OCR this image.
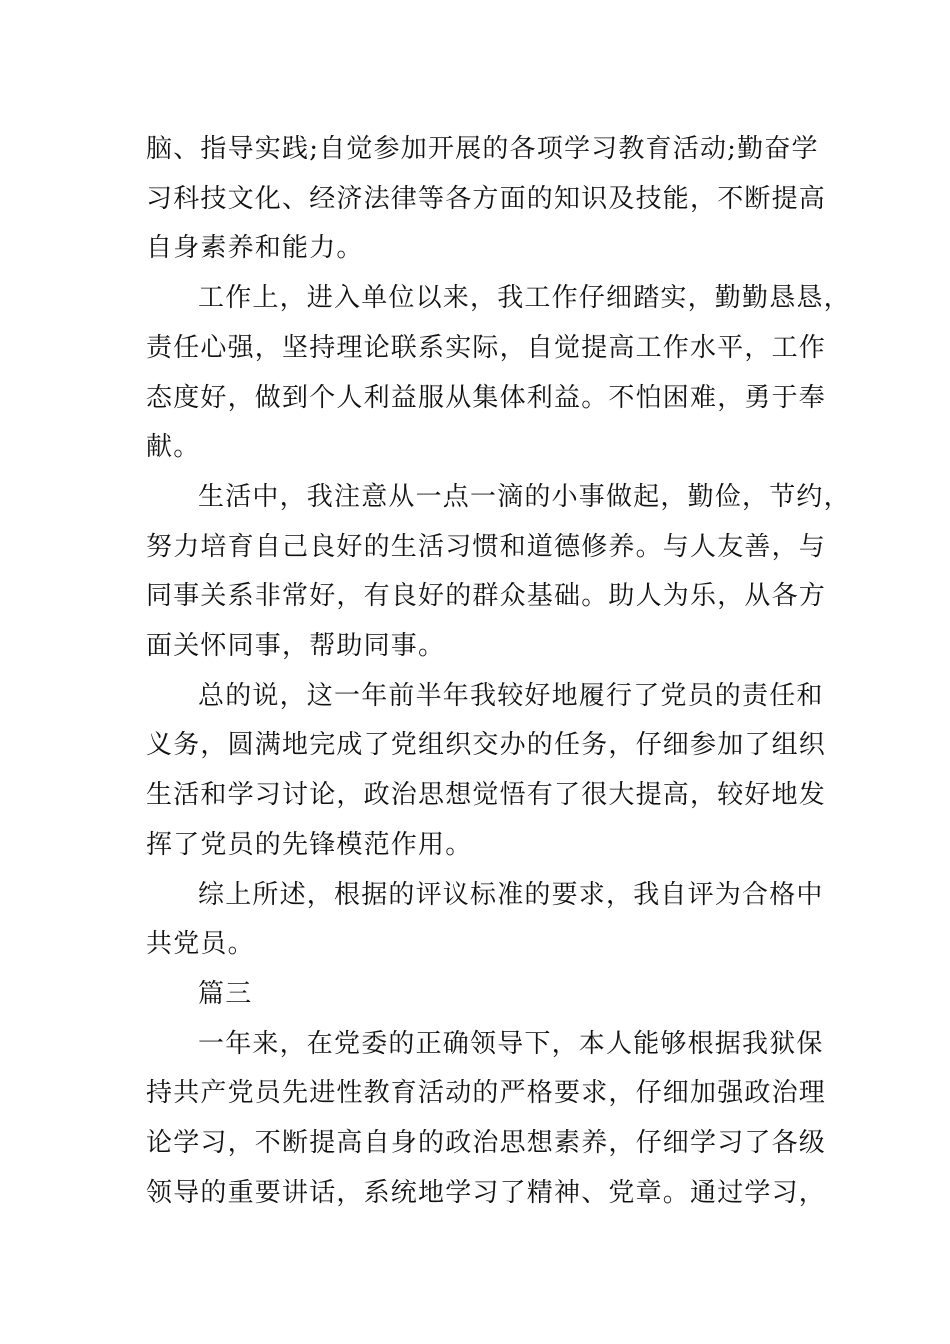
脑、指导实践;自觉参加开展的各项学习教育活动;勤奋学
习科技文化、经济法律等各方面的知识及技能，不断提高
自身素养和能力。

工作上，进入单位以来，我工作仔细踏实，勤勤恳恳，
责任心强，坚持理论联系实际，自觉提高工作水平，工作
态度好，做到个人利益服从集体利益。不怕困难，勇于奉
献。

生活中，我注意从一点一滴的小事做起，勤俭，节约，
努力培育自己良好的生活习惯和道德修养。与人友善，与
同事关系非常好，有良好的群众基础。助人为乐，从各方
面关怀同事，帮助同事。

总的说，这一年前半年我较好地履行了党员的责任和
义务，圆满地完成了党组织交办的任务，仔细参加了组织
生活和学习讨论，政治思想觉悟有了很大提高，较好地发
挥了党员的先锋模范作用。

综上所述，根据的评议标准的要求，我自评为合格中
共党员。

篇三

一年来，在党委的正确领导下，本人能够根据我狱保
持共产党员先进性教育活动的严格要求，仔细加强政治理
论学习，不断提高自身的政治思想素养，仔细学习了各级
领导的重要讲话，系统地学习了精神、党章。通过学习，
